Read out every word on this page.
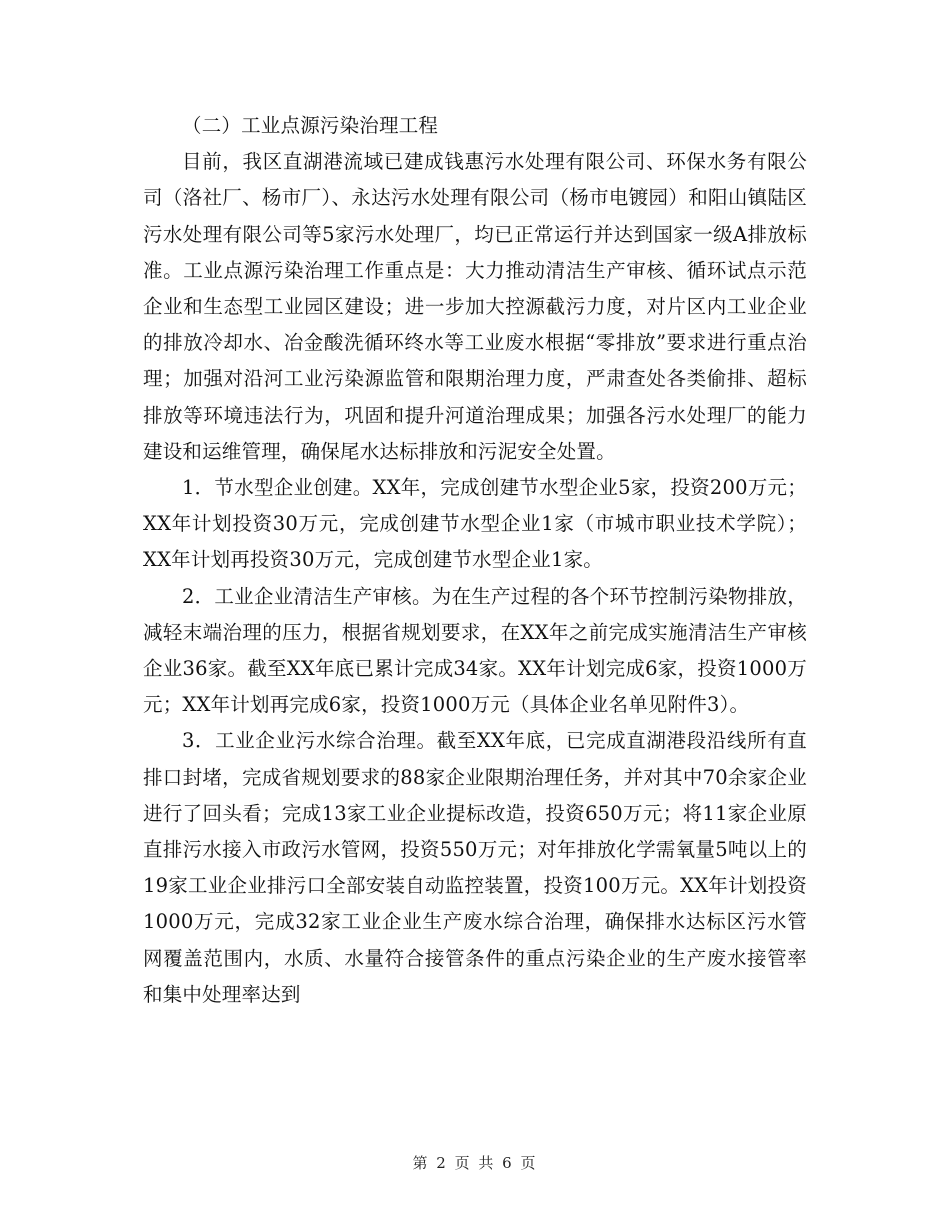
（二）工业点源污染治理工程

目前，我区直湖港流域已建成钱惠污水处理有限公司、环保水务有限公司（洛社厂、杨市厂）、永达污水处理有限公司（杨市电镀园）和阳山镇陆区污水处理有限公司等5家污水处理厂，均已正常运行并达到国家一级A排放标准。工业点源污染治理工作重点是：大力推动清洁生产审核、循环试点示范企业和生态型工业园区建设；进一步加大控源截污力度，对片区内工业企业的排放冷却水、冶金酸洗循环终水等工业废水根据“零排放”要求进行重点治理；加强对沿河工业污染源监管和限期治理力度，严肃查处各类偷排、超标排放等环境违法行为，巩固和提升河道治理成果；加强各污水处理厂的能力建设和运维管理，确保尾水达标排放和污泥安全处置。

1．节水型企业创建。XX年，完成创建节水型企业5家，投资200万元；XX年计划投资30万元，完成创建节水型企业1家（市城市职业技术学院）；XX年计划再投资30万元，完成创建节水型企业1家。

2．工业企业清洁生产审核。为在生产过程的各个环节控制污染物排放，减轻末端治理的压力，根据省规划要求，在XX年之前完成实施清洁生产审核企业36家。截至XX年底已累计完成34家。XX年计划完成6家，投资1000万元；XX年计划再完成6家，投资1000万元（具体企业名单见附件3）。

3．工业企业污水综合治理。截至XX年底，已完成直湖港段沿线所有直排口封堵，完成省规划要求的88家企业限期治理任务，并对其中70余家企业进行了回头看；完成13家工业企业提标改造，投资650万元；将11家企业原直排污水接入市政污水管网，投资550万元；对年排放化学需氧量5吨以上的19家工业企业排污口全部安装自动监控装置，投资100万元。XX年计划投资1000万元，完成32家工业企业生产废水综合治理，确保排水达标区污水管网覆盖范围内，水质、水量符合接管条件的重点污染企业的生产废水接管率和集中处理率达到

第 2 页 共 6 页
